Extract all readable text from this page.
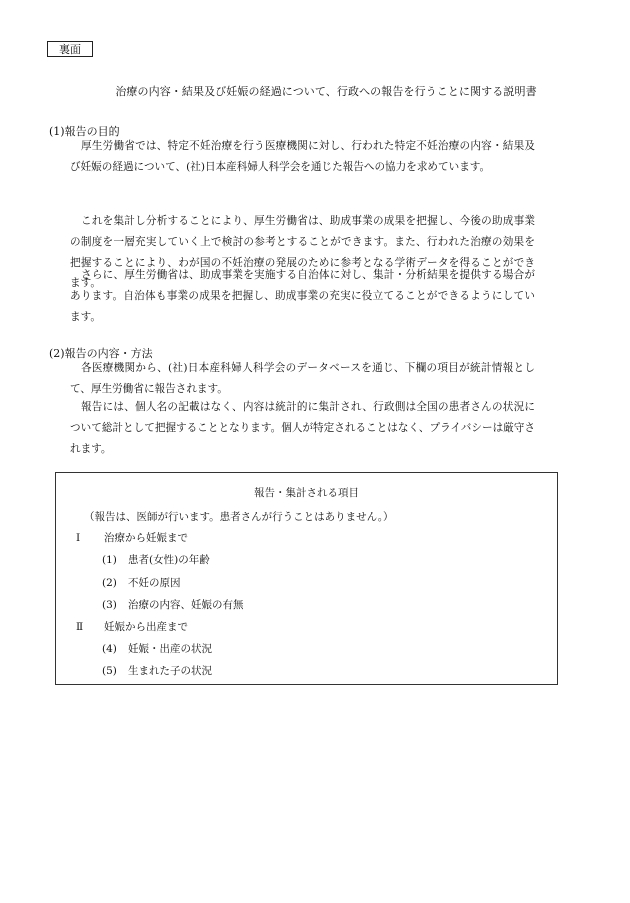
裏面
治療の内容・結果及び妊娠の経過について、行政への報告を行うことに関する説明書
(1)報告の目的

厚生労働省では、特定不妊治療を行う医療機関に対し、行われた特定不妊治療の内容・結果及び妊娠の経過について、(社)日本産科婦人科学会を通じた報告への協力を求めています。

これを集計し分析することにより、厚生労働省は、助成事業の成果を把握し、今後の助成事業の制度を一層充実していく上で検討の参考とすることができます。また、行われた治療の効果を把握することにより、わが国の不妊治療の発展のために参考となる学術データを得ることができます。

さらに、厚生労働省は、助成事業を実施する自治体に対し、集計・分析結果を提供する場合があります。自治体も事業の成果を把握し、助成事業の充実に役立てることができるようにしています。

(2)報告の内容・方法

各医療機関から、(社)日本産科婦人科学会のデータベースを通じ、下欄の項目が統計情報として、厚生労働省に報告されます。

報告には、個人名の記載はなく、内容は統計的に集計され、行政側は全国の患者さんの状況について総計として把握することとなります。個人が特定されることはなく、プライバシーは厳守されます。

報告・集計される項目
（報告は、医師が行います。患者さんが行うことはありません。）
Ⅰ 治療から妊娠まで
(1) 患者(女性)の年齢
(2) 不妊の原因
(3) 治療の内容、妊娠の有無
Ⅱ 妊娠から出産まで
(4) 妊娠・出産の状況
(5) 生まれた子の状況
